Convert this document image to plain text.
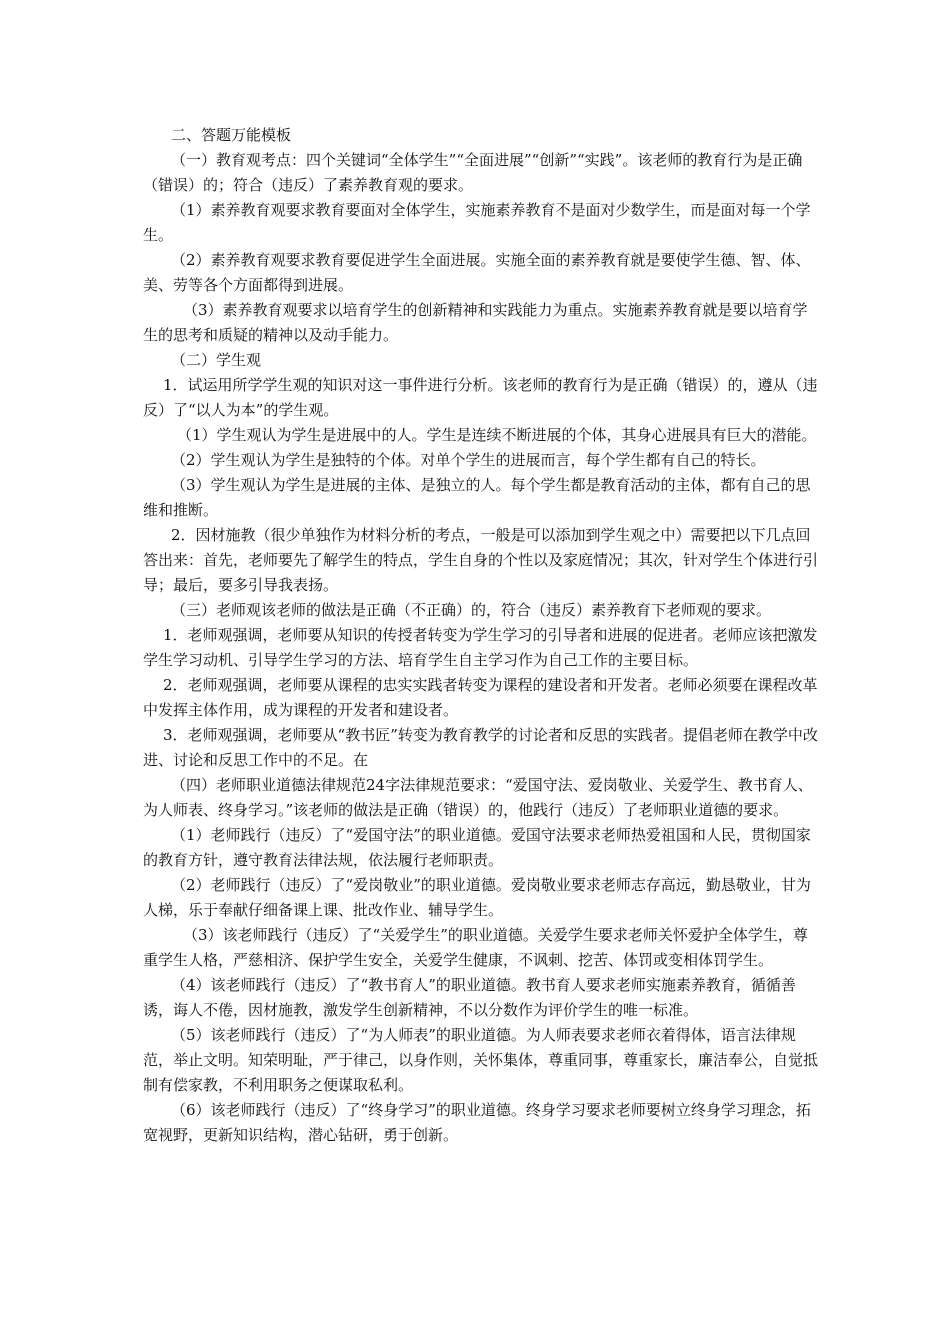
二、答题万能模板

（一）教育观考点：四个关键词“全体学生”“全面进展”“创新”“实践”。该老师的教育行为是正确（错误）的；符合（违反）了素养教育观的要求。

（1）素养教育观要求教育要面对全体学生，实施素养教育不是面对少数学生，而是面对每一个学生。

（2）素养教育观要求教育要促进学生全面进展。实施全面的素养教育就是要使学生德、智、体、美、劳等各个方面都得到进展。

（3）素养教育观要求以培育学生的创新精神和实践能力为重点。实施素养教育就是要以培育学生的思考和质疑的精神以及动手能力。

（二）学生观

1．试运用所学学生观的知识对这一事件进行分析。该老师的教育行为是正确（错误）的，遵从（违反）了“以人为本”的学生观。

（1）学生观认为学生是进展中的人。学生是连续不断进展的个体，其身心进展具有巨大的潜能。

（2）学生观认为学生是独特的个体。对单个学生的进展而言，每个学生都有自己的特长。

（3）学生观认为学生是进展的主体、是独立的人。每个学生都是教育活动的主体，都有自己的思维和推断。

2．因材施教（很少单独作为材料分析的考点，一般是可以添加到学生观之中）需要把以下几点回答出来：首先，老师要先了解学生的特点，学生自身的个性以及家庭情况；其次，针对学生个体进行引导；最后，要多引导我表扬。

（三）老师观该老师的做法是正确（不正确）的，符合（违反）素养教育下老师观的要求。

1．老师观强调，老师要从知识的传授者转变为学生学习的引导者和进展的促进者。老师应该把激发学生学习动机、引导学生学习的方法、培育学生自主学习作为自己工作的主要目标。

2．老师观强调，老师要从课程的忠实实践者转变为课程的建设者和开发者。老师必须要在课程改革中发挥主体作用，成为课程的开发者和建设者。

3．老师观强调，老师要从“教书匠”转变为教育教学的讨论者和反思的实践者。提倡老师在教学中改进、讨论和反思工作中的不足。在

（四）老师职业道德法律规范24字法律规范要求：“爱国守法、爱岗敬业、关爱学生、教书育人、为人师表、终身学习。”该老师的做法是正确（错误）的，他践行（违反）了老师职业道德的要求。

（1）老师践行（违反）了“爱国守法”的职业道德。爱国守法要求老师热爱祖国和人民，贯彻国家的教育方针，遵守教育法律法规，依法履行老师职责。

（2）老师践行（违反）了“爱岗敬业”的职业道德。爱岗敬业要求老师志存高远，勤恳敬业，甘为人梯，乐于奉献仔细备课上课、批改作业、辅导学生。

（3）该老师践行（违反）了“关爱学生”的职业道德。关爱学生要求老师关怀爱护全体学生，尊重学生人格，严慈相济、保护学生安全，关爱学生健康，不讽刺、挖苦、体罚或变相体罚学生。

（4）该老师践行（违反）了“教书育人”的职业道德。教书育人要求老师实施素养教育，循循善诱，诲人不倦，因材施教，激发学生创新精神，不以分数作为评价学生的唯一标准。

（5）该老师践行（违反）了“为人师表”的职业道德。为人师表要求老师衣着得体，语言法律规范，举止文明。知荣明耻，严于律己，以身作则，关怀集体，尊重同事，尊重家长，廉洁奉公，自觉抵制有偿家教，不利用职务之便谋取私利。

（6）该老师践行（违反）了“终身学习”的职业道德。终身学习要求老师要树立终身学习理念，拓宽视野，更新知识结构，潜心钻研，勇于创新。
